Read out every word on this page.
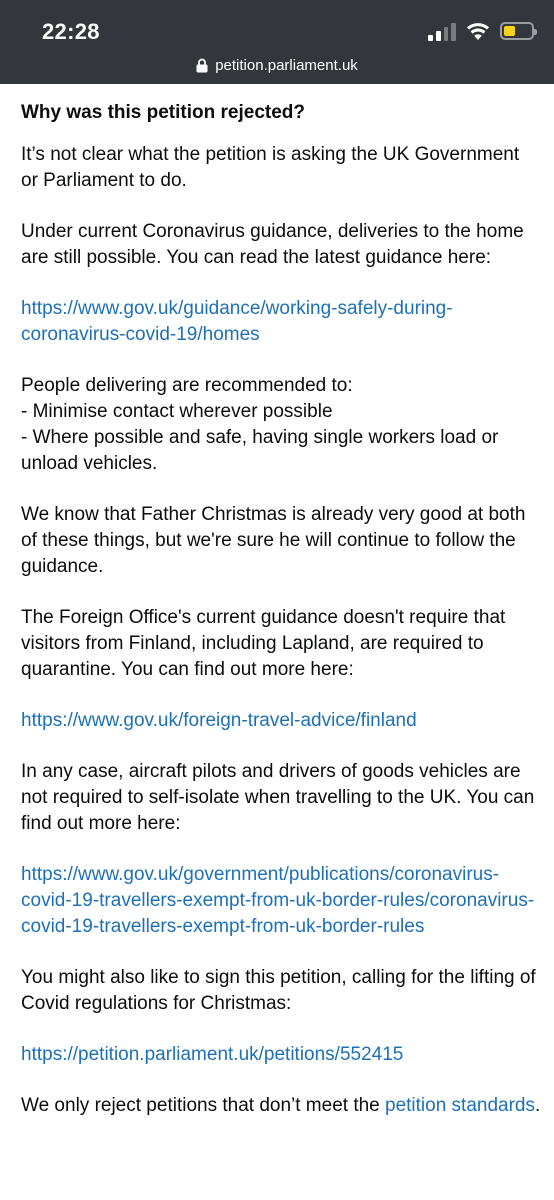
22:28
petition.parliament.uk
Why was this petition rejected?

It’s not clear what the petition is asking the UK Government or Parliament to do.

Under current Coronavirus guidance, deliveries to the home are still possible. You can read the latest guidance here:

https://www.gov.uk/guidance/working-safely-during-coronavirus-covid-19/homes

People delivering are recommended to:
- Minimise contact wherever possible
- Where possible and safe, having single workers load or unload vehicles.

We know that Father Christmas is already very good at both of these things, but we're sure he will continue to follow the guidance.

The Foreign Office's current guidance doesn't require that visitors from Finland, including Lapland, are required to quarantine. You can find out more here:

https://www.gov.uk/foreign-travel-advice/finland

In any case, aircraft pilots and drivers of goods vehicles are not required to self-isolate when travelling to the UK. You can find out more here:

https://www.gov.uk/government/publications/coronavirus-covid-19-travellers-exempt-from-uk-border-rules/coronavirus-covid-19-travellers-exempt-from-uk-border-rules

You might also like to sign this petition, calling for the lifting of Covid regulations for Christmas:

https://petition.parliament.uk/petitions/552415

We only reject petitions that don’t meet the petition standards.
